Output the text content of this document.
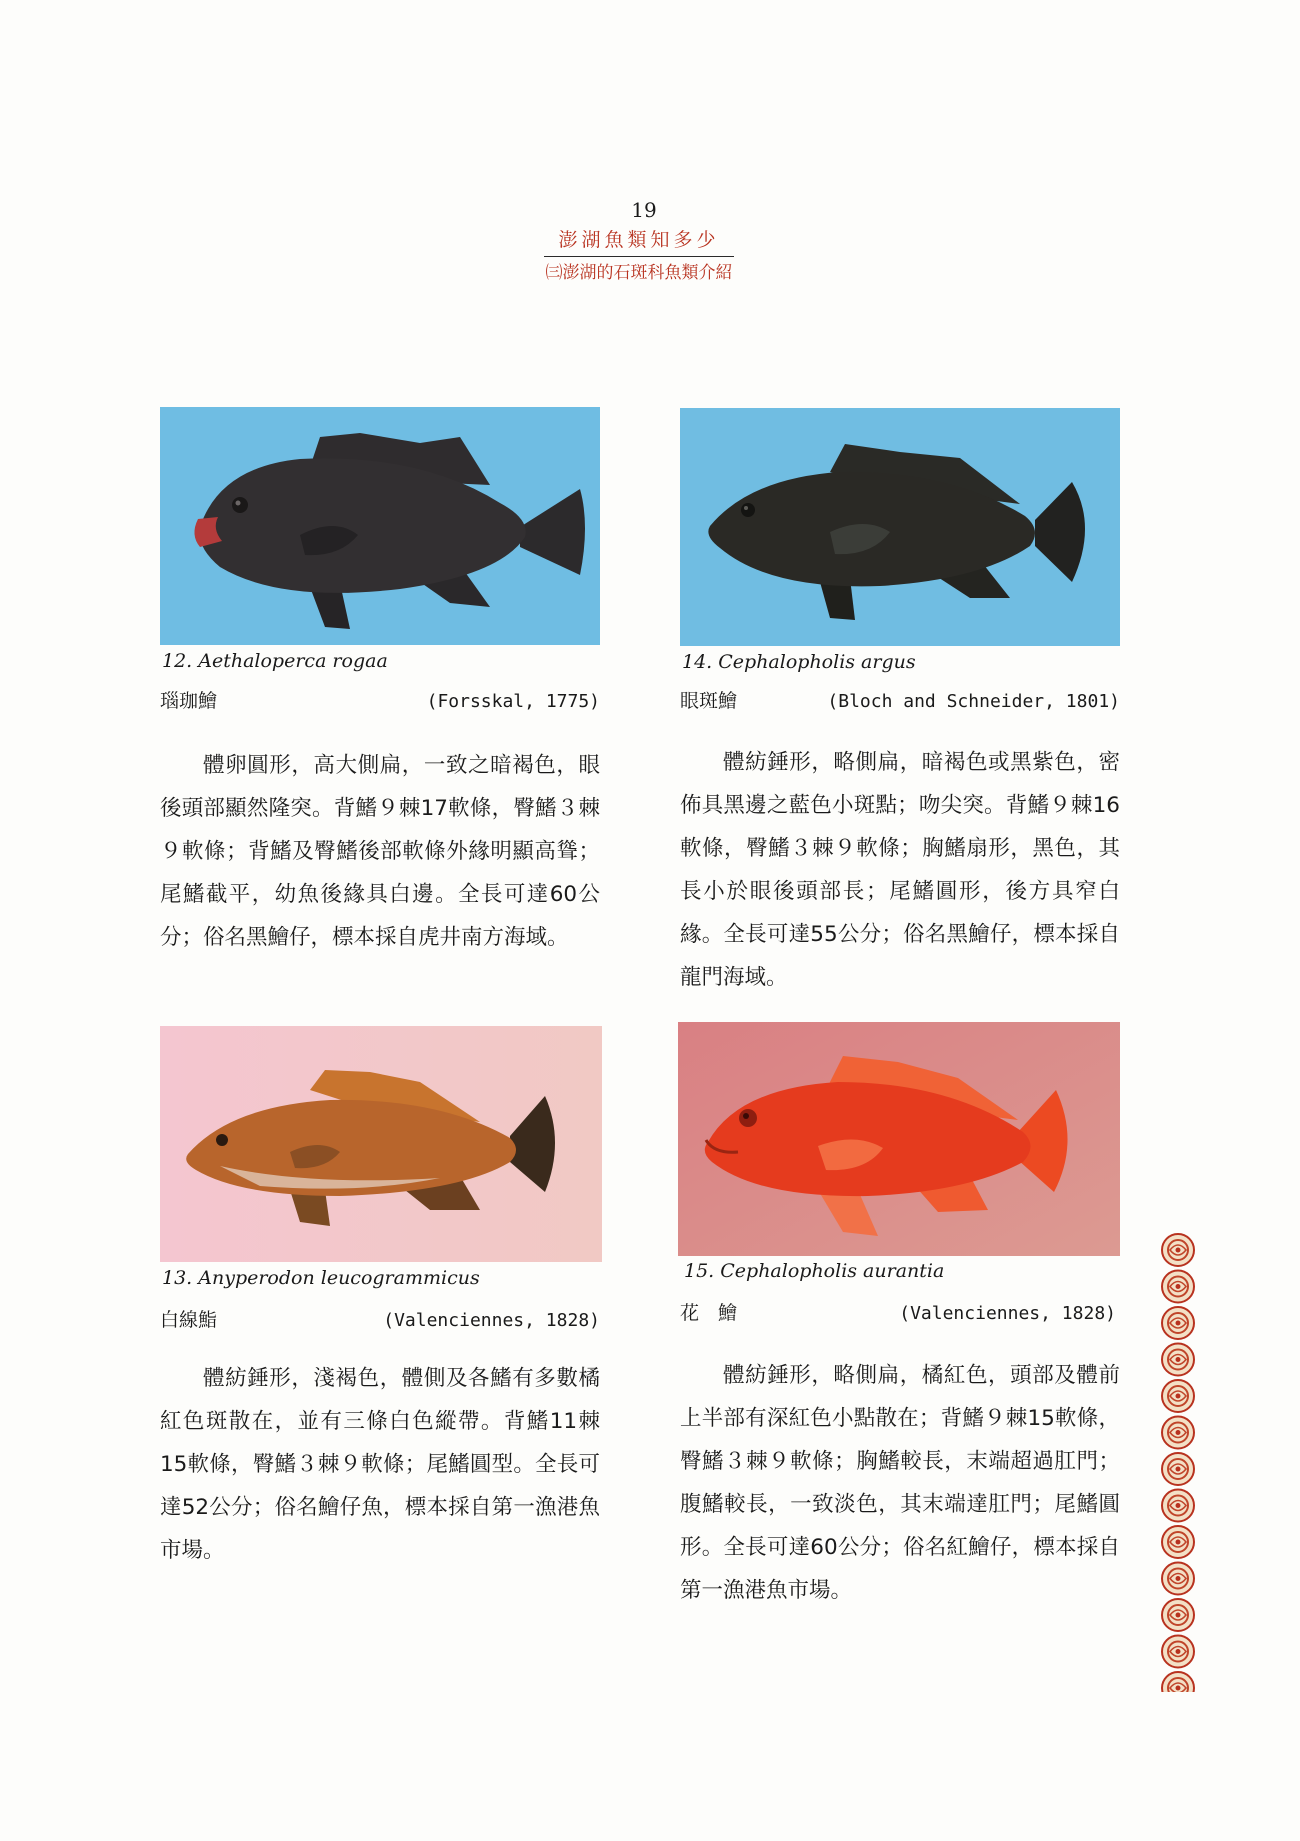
19
澎湖魚類知多少
㈢澎湖的石斑科魚類介紹
12. Aethaloperca rogaa
瑙珈鱠	(Forsskal, 1775)

體卵圓形，高大側扁，一致之暗褐色，眼後頭部顯然隆突。背鰭９棘17軟條，臀鰭３棘９軟條；背鰭及臀鰭後部軟條外緣明顯高聳；尾鰭截平，幼魚後緣具白邊。全長可達60公分；俗名黑鱠仔，標本採自虎井南方海域。

14. Cephalopholis argus
眼斑鱠	(Bloch and Schneider, 1801)

體紡錘形，略側扁，暗褐色或黑紫色，密佈具黑邊之藍色小斑點；吻尖突。背鰭９棘16軟條，臀鰭３棘９軟條；胸鰭扇形，黑色，其長小於眼後頭部長；尾鰭圓形，後方具窄白緣。全長可達55公分；俗名黑鱠仔，標本採自龍門海域。

13. Anyperodon leucogrammicus
白線鮨	(Valenciennes, 1828)

體紡錘形，淺褐色，體側及各鰭有多數橘紅色斑散在，並有三條白色縱帶。背鰭11棘15軟條，臀鰭３棘９軟條；尾鰭圓型。全長可達52公分；俗名鱠仔魚，標本採自第一漁港魚市場。

15. Cephalopholis aurantia
花　鱠	(Valenciennes, 1828)

體紡錘形，略側扁，橘紅色，頭部及體前上半部有深紅色小點散在；背鰭９棘15軟條，臀鰭３棘９軟條；胸鰭較長，末端超過肛門；腹鰭較長，一致淡色，其末端達肛門；尾鰭圓形。全長可達60公分；俗名紅鱠仔，標本採自第一漁港魚市場。
